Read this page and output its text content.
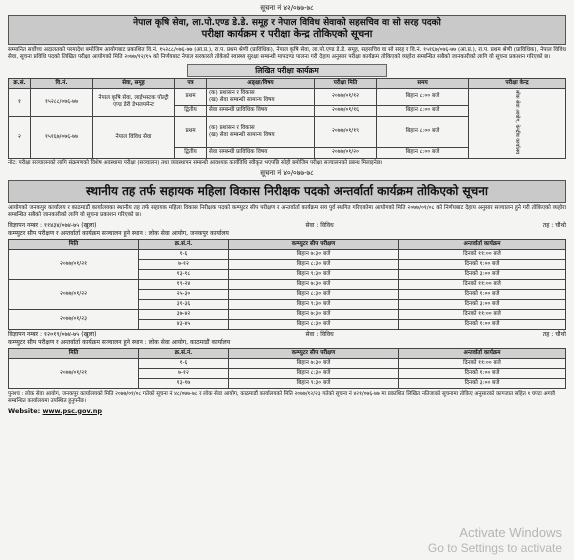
सूचना नं ४२/०७७-७८
नेपाल कृषि सेवा, ला.पो.एण्ड डे.डे. समूह र नेपाल विविध सेवाको सहसचिव वा सो सरह पदको
परीक्षा कार्यक्रम र परीक्षा केन्द्र तोकिएको सूचना

सम्मानित सर्वोच्च अदालतको परमादेश बमोजिम आयोगबाट प्रकाशित वि.नं. १५२८८/०७६-७७ (आ.प्र.), रा.प. प्रथम श्रेणी (प्राविधिक), नेपाल कृषि सेवा, ला.पो.एण्ड डे.डे. समूह, सहसचिव वा सो सरह र वि.नं. १५१६७/०७६-७७ (आ.प्र.), रा.प. प्रथम श्रेणी (प्राविधिक), नेपाल विविध सेवा, सूचना प्रविधि पदको लिखित परीक्षा आयोगको मिति २०७७/१२/१५ को निर्णयबाट नेपाल सरकारले तोकेको स्वास्थ्य सुरक्षा सम्बन्धी मापदण्ड पालना गरी देहाय अनुसार परीक्षा कार्यक्रम तोकिएको व्यहोरा सम्बन्धित सबैको जानकारीको लागि यो सूचना प्रकाशन गरिएको छ।

लिखित परीक्षा कार्यक्रम
क्र.सं.	वि.नं.	सेवा, समूह	पत्र	अङ्क्षा/विषय	परीक्षा मिति	समय	परीक्षा केन्द्र
१	१५२८८/०७६-७७	नेपाल कृषि सेवा, लाईभस्टक पोल्ट्री एण्ड डेरी डेभलपमेन्ट	प्रथम	(क) प्रशासन र विकास
(ख) सेवा सम्बन्धी सामान्य विषय	२०७७/०१/१२	बिहान ८:०० बजे	लोक सेवा आयोग, केन्द्रीय कार्यालय
			द्वितीय	सेवा सम्बन्धी प्राविधिक विषय	२०७७/०१/१६	बिहान ८:०० बजे	
२	१५१६७/०७६-७७	नेपाल विविध सेवा	प्रथम	(क) प्रशासन र विकास
(ख) सेवा सम्बन्धी सामान्य विषय	२०७७/०१/१९	बिहान ८:०० बजे	
			द्वितीय	सेवा सम्बन्धी प्राविधिक विषय	२०७७/०१/२०	बिहान ८:०० बजे	

नोट: परीक्षा सञ्चालनको लागि संक्रमणको विशेष अवस्थामा परीक्षा (सञ्चालन) तथा व्यवस्थापन सम्बन्धी आवश्यक कार्यविधि स्वीकृत भएपछि सोही बमोजिम परीक्षा सञ्चालनको प्रबन्ध मिलाइनेछ।

सूचना नं ४०/०७७-७८
स्थानीय तह तर्फ सहायक महिला विकास निरीक्षक पदको अन्तर्वार्ता कार्यक्रम तोकिएको सूचना

आयोगको जनकपुर कार्यालय र काठमाडौं कार्यालयका स्थानीय तह तर्फ सहायक महिला विकास निरीक्षक पदको कम्प्युटर सीप परीक्षण र अन्तर्वार्ता कार्यक्रम सय पुर्व स्थगित गरिएकोमा आयोगको मिति २०७७/०१/०८ को निर्णयबाट देहाय अनुसार सञ्चालन हुने गरी तोकिएको व्यहोरा सम्बन्धित सबैको जानकारीको लागि यो सूचना प्रकाशन गरिएको छ।

विज्ञापन नम्बर : ११४३४/०७४-७५ (खुला)	सेवा : विविध	तह : चौथो
कम्प्युटर सीप परीक्षण र अन्तर्वार्ता कार्यक्रम सञ्चालन हुने स्थान : लोक सेवा आयोग, जनकपुर कार्यालय
मिति	क्र.सं.नं.	कम्प्युटर सीप परीक्षण	अन्तर्वार्ता कार्यक्रम
२०७७/०१/२१	१-६	बिहान ७:३० बजे	दिनको ११:०० बजे
	७-१२	बिहान ८:३० बजे	दिनको १:०० बजे
	१३-१८	बिहान ९:३० बजे	दिनको ३:०० बजे
२०७७/०१/२२	१९-२४	बिहान ७:३० बजे	दिनको ११:०० बजे
	२५-३०	बिहान ८:३० बजे	दिनको १:०० बजे
	३१-३६	बिहान ९:३० बजे	दिनको ३:०० बजे
२०७७/०१/२३	३७-४२	बिहान ७:३० बजे	दिनको ११:०० बजे
	४३-४५	बिहान ८:३० बजे	दिनको १:०० बजे
विज्ञापन नम्बर : १२०१९/०७४-७५ (खुला)	सेवा : विविध	तह : चौथो
कम्प्युटर सीप परीक्षण र अन्तर्वार्ता कार्यक्रम सञ्चालन हुने स्थान : लोक सेवा आयोग, काठमाडौं कार्यालय
मिति	क्र.सं.नं.	कम्प्युटर सीप परीक्षण	अन्तर्वार्ता कार्यक्रम
२०७७/०१/२१	१-६	बिहान ७:३० बजे	दिनको ११:०० बजे
	७-१२	बिहान ८:३० बजे	दिनको १:०० बजे
	१३-१७	बिहान ९:३० बजे	दिनको ३:०० बजे

पुनश्च : लोक सेवा आयोग, जनकपुर कार्यालयको मिति २०७७/०१/०८ गतेको सूचना नं ४८/०७७-७८ र लोक सेवा आयोग, काठमाडौं कार्यालयको मिति २०७७/१२/२३ गतेको सूचना नं ४२१/०७६-७७ मा प्रकाशित लिखित नतिजाको सूचनामा तोकिए अनुसारको कागजात सहित १ घण्टा अगावै सम्बन्धित कार्यालयमा उपस्थित हुनुपर्नेछ।

Website: www.psc.gov.np
Activate Windows
Go to Settings to activate
